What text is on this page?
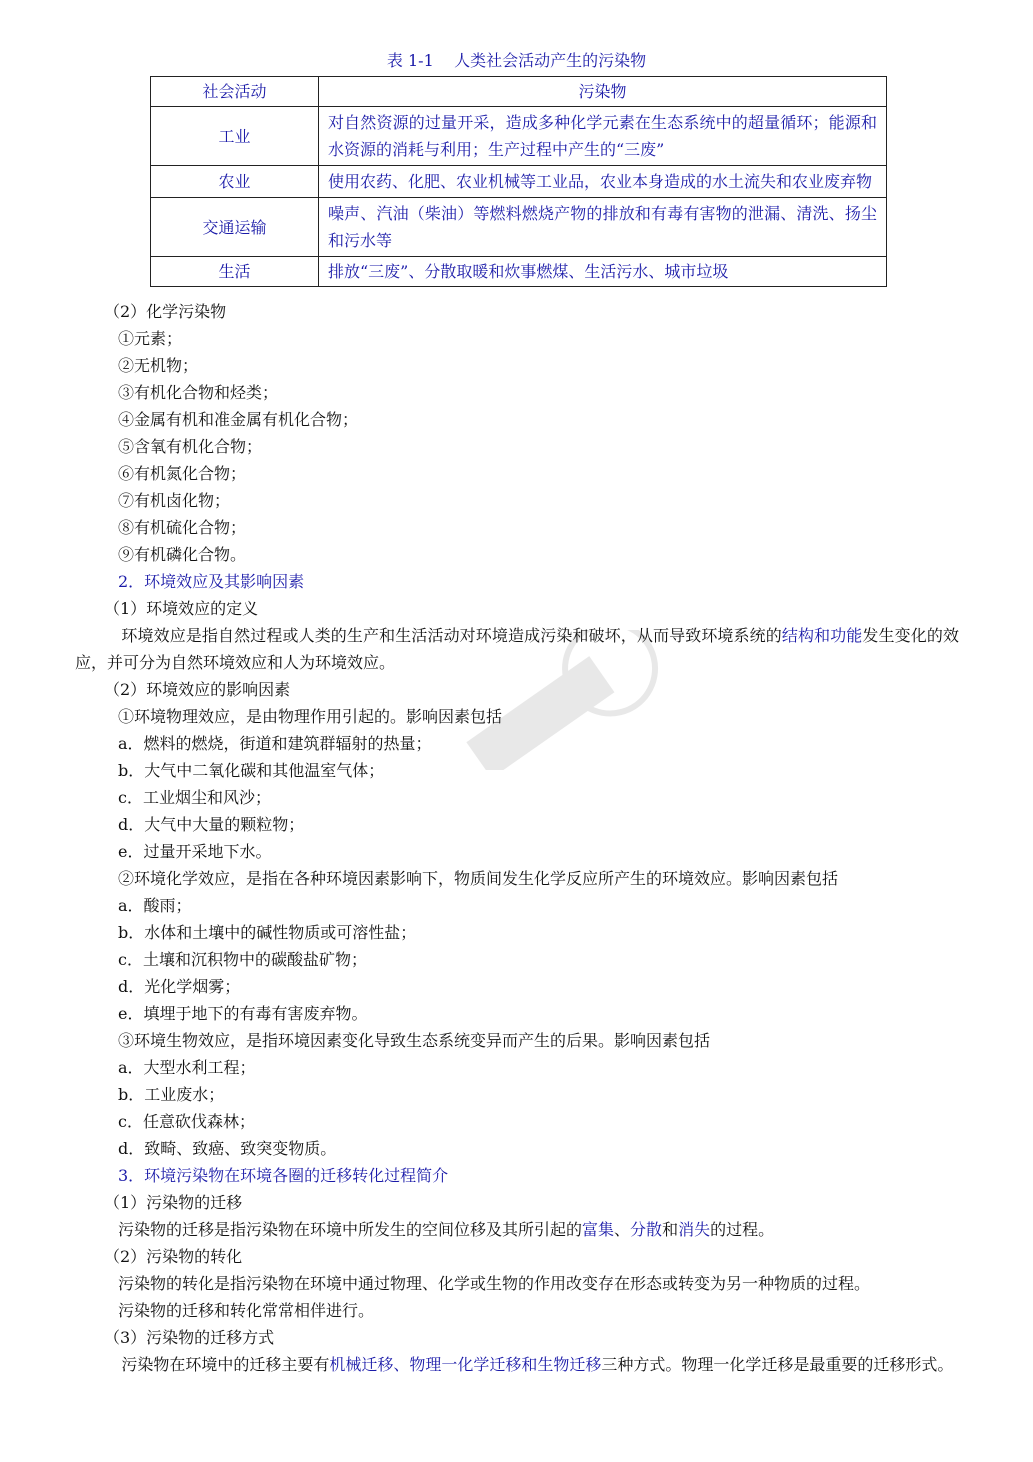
表 1-1    人类社会活动产生的污染物
社会活动	污染物
工业	对自然资源的过量开采，造成多种化学元素在生态系统中的超量循环；能源和水资源的消耗与利用；生产过程中产生的“三废”
农业	使用农药、化肥、农业机械等工业品，农业本身造成的水土流失和农业废弃物
交通运输	噪声、汽油（柴油）等燃料燃烧产物的排放和有毒有害物的泄漏、清洗、扬尘和污水等
生活	排放“三废”、分散取暖和炊事燃煤、生活污水、城市垃圾
（2）化学污染物
①元素；
②无机物；
③有机化合物和烃类；
④金属有机和准金属有机化合物；
⑤含氧有机化合物；
⑥有机氮化合物；
⑦有机卤化物；
⑧有机硫化合物；
⑨有机磷化合物。
2．环境效应及其影响因素
（1）环境效应的定义
环境效应是指自然过程或人类的生产和生活活动对环境造成污染和破坏，从而导致环境系统的结构和功能发生变化的效应，并可分为自然环境效应和人为环境效应。
（2）环境效应的影响因素
①环境物理效应，是由物理作用引起的。影响因素包括
a．燃料的燃烧，街道和建筑群辐射的热量；
b．大气中二氧化碳和其他温室气体；
c．工业烟尘和风沙；
d．大气中大量的颗粒物；
e．过量开采地下水。
②环境化学效应，是指在各种环境因素影响下，物质间发生化学反应所产生的环境效应。影响因素包括
a．酸雨；
b．水体和土壤中的碱性物质或可溶性盐；
c．土壤和沉积物中的碳酸盐矿物；
d．光化学烟雾；
e．填埋于地下的有毒有害废弃物。
③环境生物效应，是指环境因素变化导致生态系统变异而产生的后果。影响因素包括
a．大型水利工程；
b．工业废水；
c．任意砍伐森林；
d．致畸、致癌、致突变物质。
3．环境污染物在环境各圈的迁移转化过程简介
（1）污染物的迁移
污染物的迁移是指污染物在环境中所发生的空间位移及其所引起的富集、分散和消失的过程。
（2）污染物的转化
污染物的转化是指污染物在环境中通过物理、化学或生物的作用改变存在形态或转变为另一种物质的过程。
污染物的迁移和转化常常相伴进行。
（3）污染物的迁移方式
污染物在环境中的迁移主要有机械迁移、物理一化学迁移和生物迁移三种方式。物理一化学迁移是最重要的迁移形式。
